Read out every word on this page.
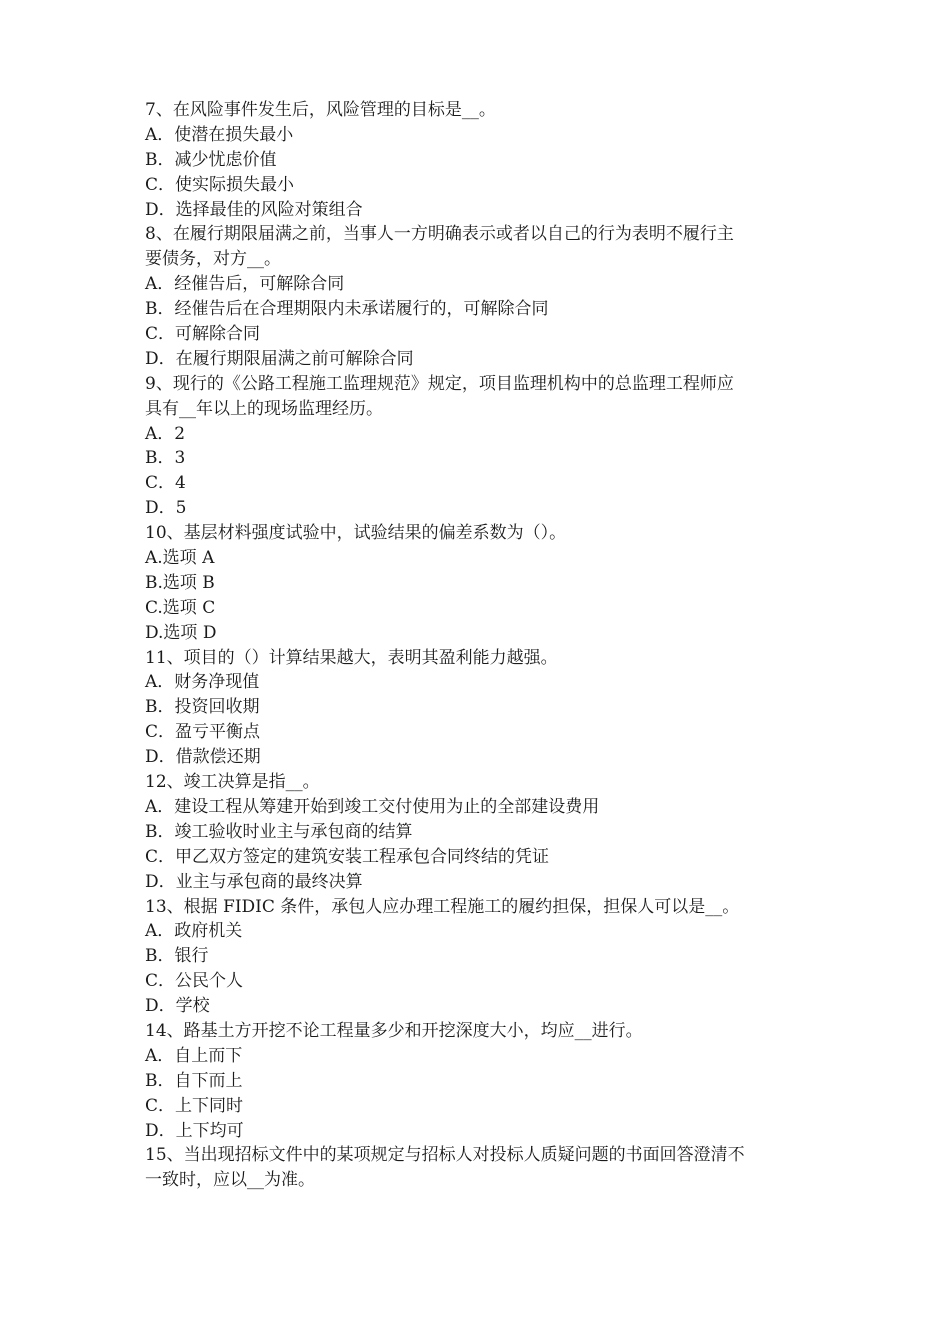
7、在风险事件发生后，风险管理的目标是__。
A．使潜在损失最小
B．减少忧虑价值
C．使实际损失最小
D．选择最佳的风险对策组合
8、在履行期限届满之前，当事人一方明确表示或者以自己的行为表明不履行主
要债务，对方__。
A．经催告后，可解除合同
B．经催告后在合理期限内未承诺履行的，可解除合同
C．可解除合同
D．在履行期限届满之前可解除合同
9、现行的《公路工程施工监理规范》规定，项目监理机构中的总监理工程师应
具有__年以上的现场监理经历。
A．2
B．3
C．4
D．5
10、基层材料强度试验中，试验结果的偏差系数为（）。
A.选项 A
B.选项 B
C.选项 C
D.选项 D
11、项目的（）计算结果越大，表明其盈利能力越强。
A．财务净现值
B．投资回收期
C．盈亏平衡点
D．借款偿还期
12、竣工决算是指__。
A．建设工程从筹建开始到竣工交付使用为止的全部建设费用
B．竣工验收时业主与承包商的结算
C．甲乙双方签定的建筑安装工程承包合同终结的凭证
D．业主与承包商的最终决算
13、根据 FIDIC 条件，承包人应办理工程施工的履约担保，担保人可以是__。
A．政府机关
B．银行
C．公民个人
D．学校
14、路基土方开挖不论工程量多少和开挖深度大小，均应__进行。
A．自上而下
B．自下而上
C．上下同时
D．上下均可
15、当出现招标文件中的某项规定与招标人对投标人质疑问题的书面回答澄清不
一致时，应以__为准。
